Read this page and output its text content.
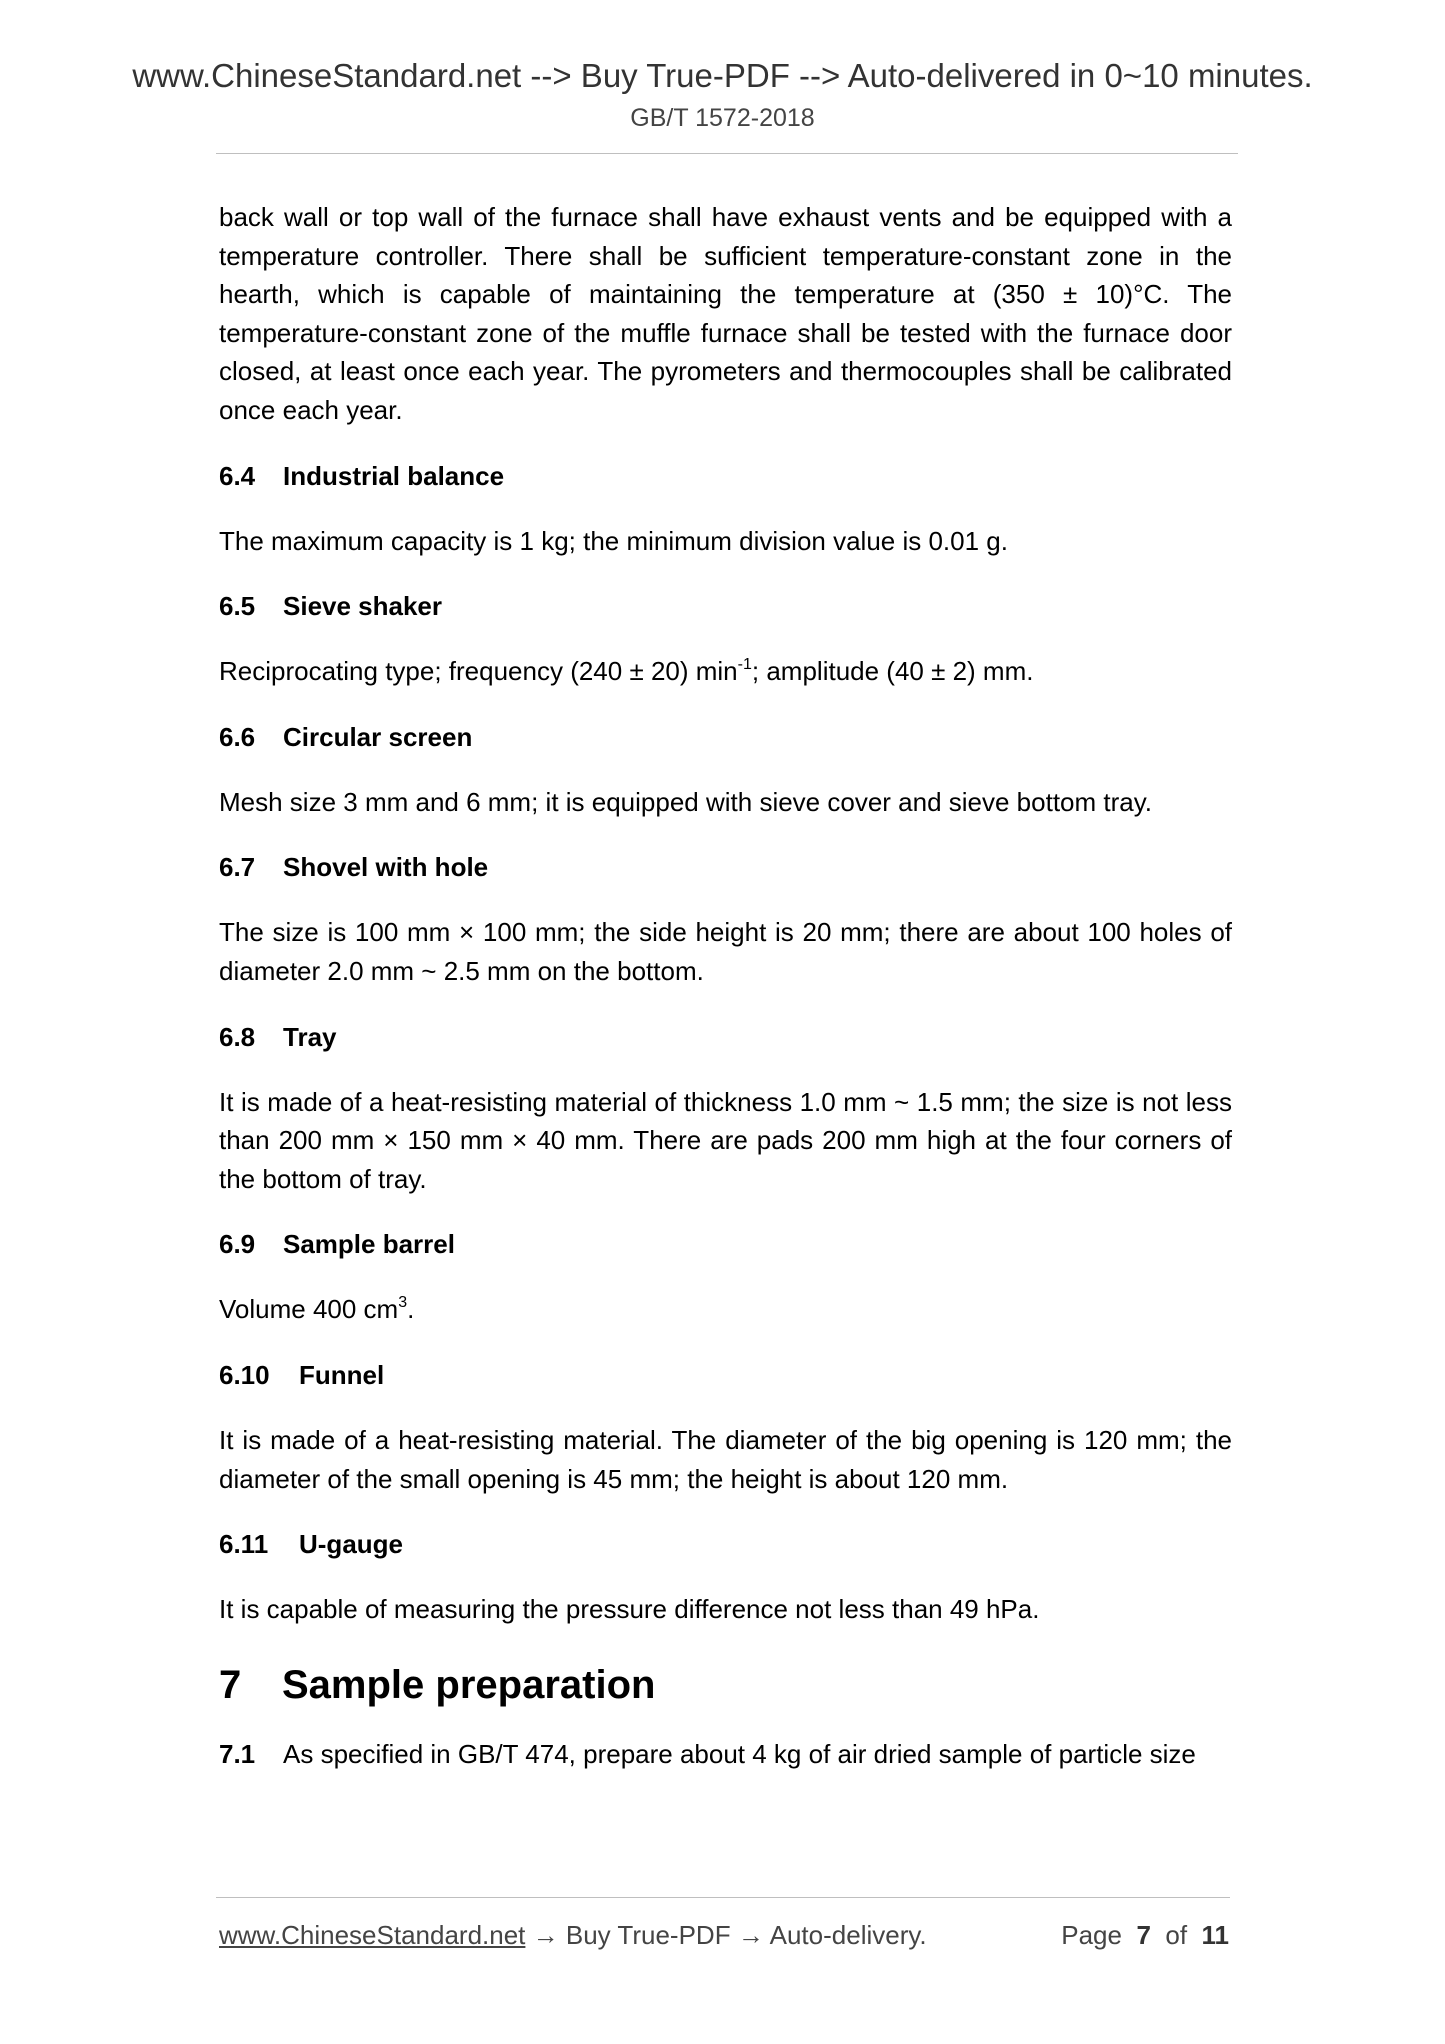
www.ChineseStandard.net --> Buy True-PDF --> Auto-delivered in 0~10 minutes.
GB/T 1572-2018

back wall or top wall of the furnace shall have exhaust vents and be equipped with a temperature controller. There shall be sufficient temperature-constant zone in the hearth, which is capable of maintaining the temperature at (350 ± 10)°C. The temperature-constant zone of the muffle furnace shall be tested with the furnace door closed, at least once each year. The pyrometers and thermocouples shall be calibrated once each year.

6.4 Industrial balance

The maximum capacity is 1 kg; the minimum division value is 0.01 g.

6.5 Sieve shaker

Reciprocating type; frequency (240 ± 20) $\min^{-1}$; amplitude (40 ± 2) mm.

6.6 Circular screen

Mesh size 3 mm and 6 mm; it is equipped with sieve cover and sieve bottom tray.

6.7 Shovel with hole

The size is 100 mm × 100 mm; the side height is 20 mm; there are about 100 holes of diameter 2.0 mm ~ 2.5 mm on the bottom.

6.8 Tray

It is made of a heat-resisting material of thickness 1.0 mm ~ 1.5 mm; the size is not less than 200 mm × 150 mm × 40 mm. There are pads 200 mm high at the four corners of the bottom of tray.

6.9 Sample barrel

Volume 400 $cm^3$.

6.10 Funnel

It is made of a heat-resisting material. The diameter of the big opening is 120 mm; the diameter of the small opening is 45 mm; the height is about 120 mm.

6.11 U-gauge

It is capable of measuring the pressure difference not less than 49 hPa.

7 Sample preparation

7.1 As specified in GB/T 474, prepare about 4 kg of air dried sample of particle size

www.ChineseStandard.net → Buy True-PDF → Auto-delivery.	Page 7 of 11
